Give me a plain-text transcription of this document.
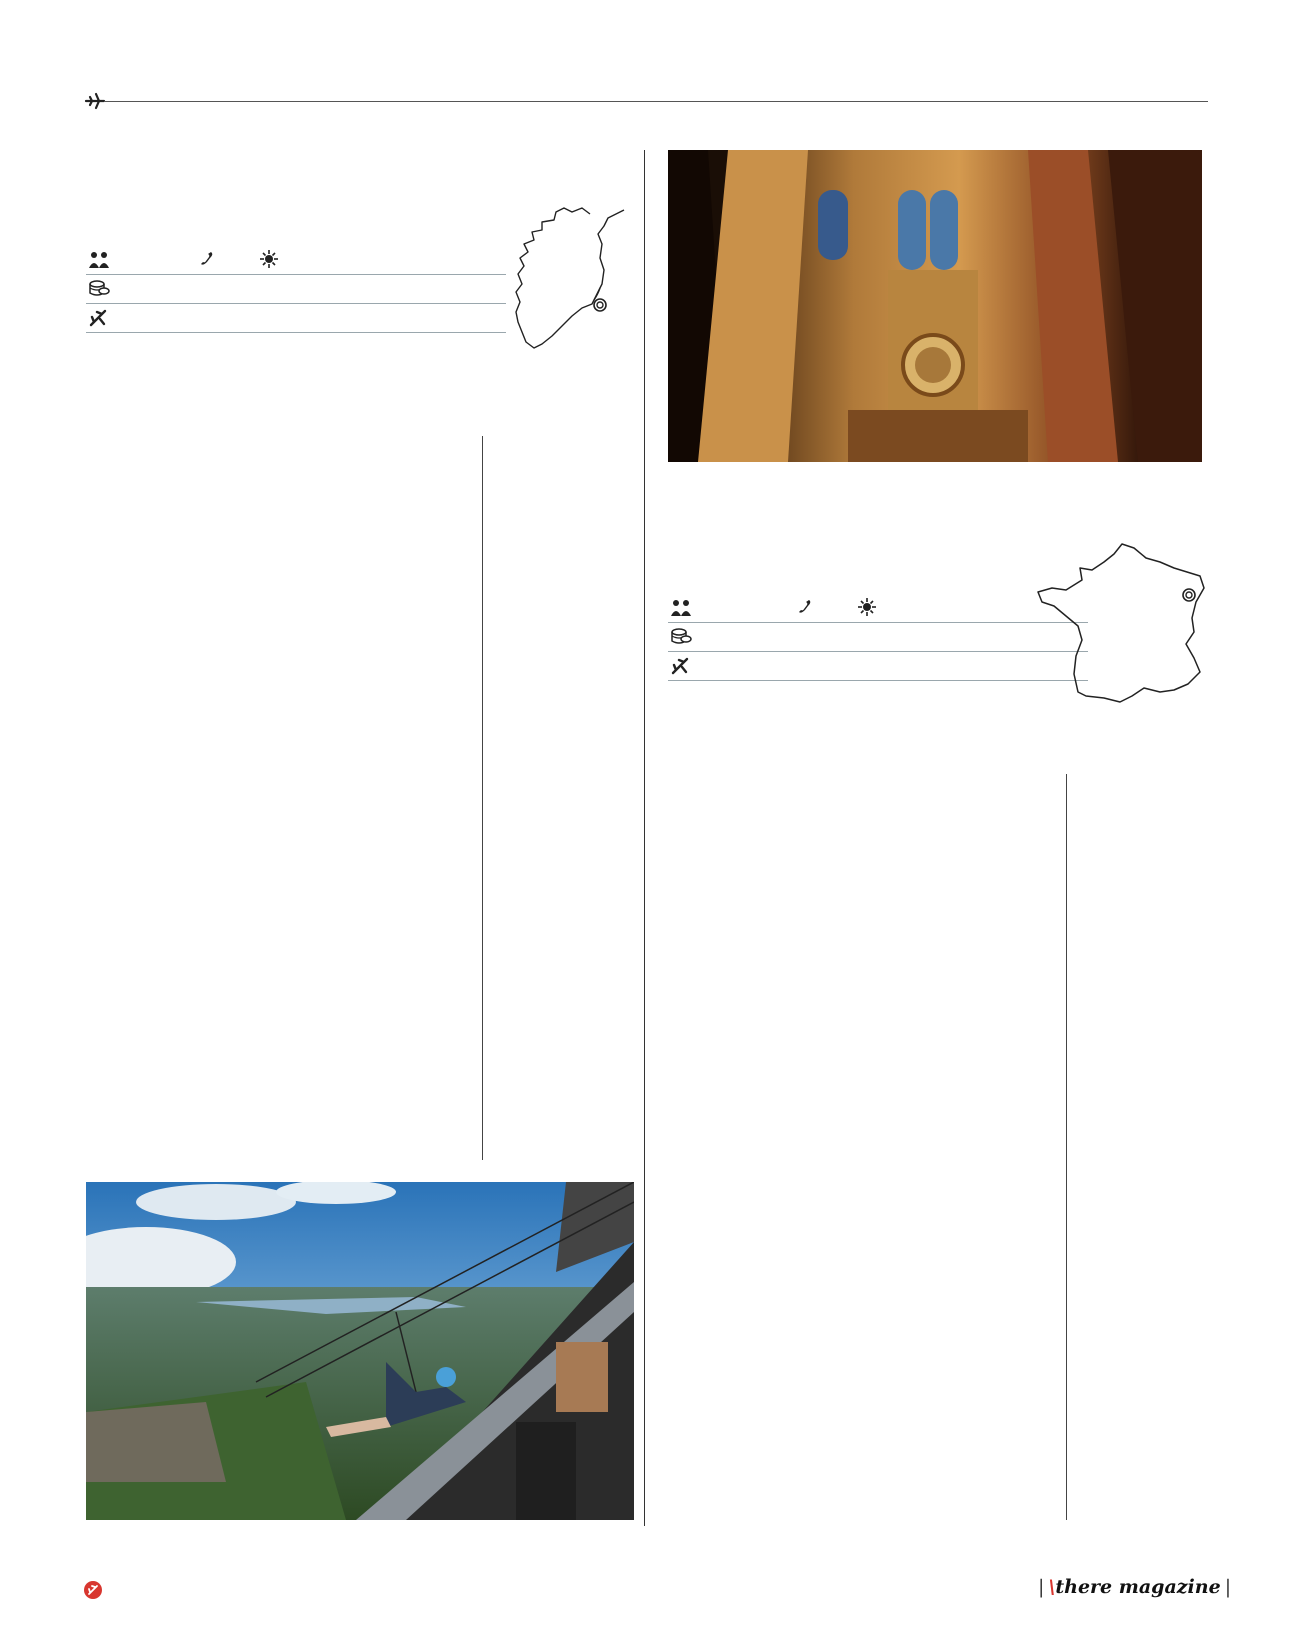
| \there magazine |
